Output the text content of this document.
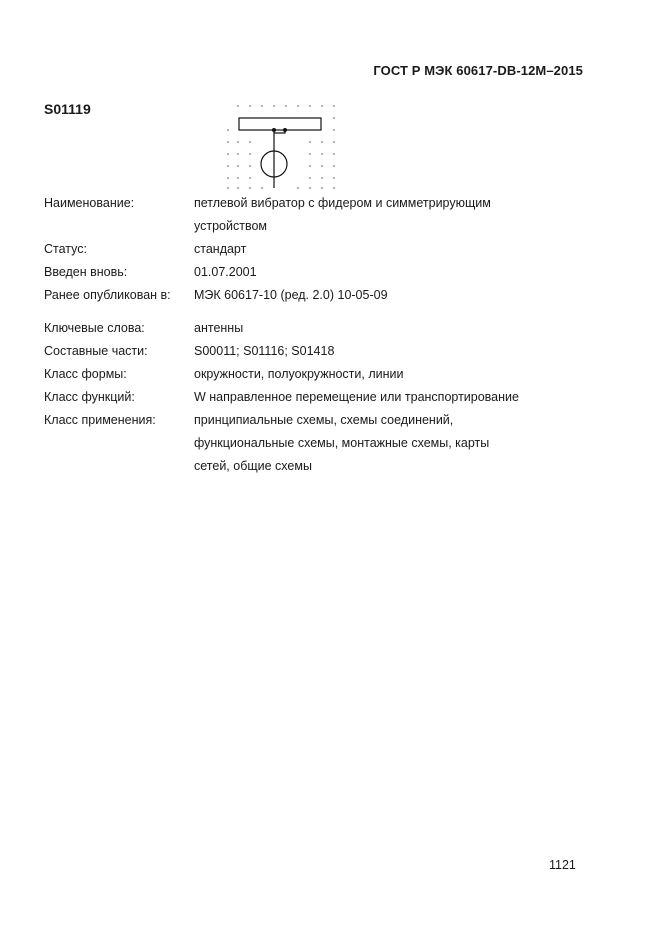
ГОСТ Р МЭК 60617-DB-12M–2015
S01119
Наименование:	петлевой вибратор с фидером и симметрирующим
устройством
Статус:	стандарт
Введен вновь:	01.07.2001
Ранее опубликован в:	МЭК 60617-10 (ред. 2.0) 10-05-09
Ключевые слова:	антенны
Составные части:	S00011; S01116; S01418
Класс формы:	окружности, полуокружности, линии
Класс функций:	W направленное перемещение или транспортирование
Класс применения:	принципиальные схемы, схемы соединений,
функциональные схемы, монтажные схемы, карты
сетей, общие схемы
1121
